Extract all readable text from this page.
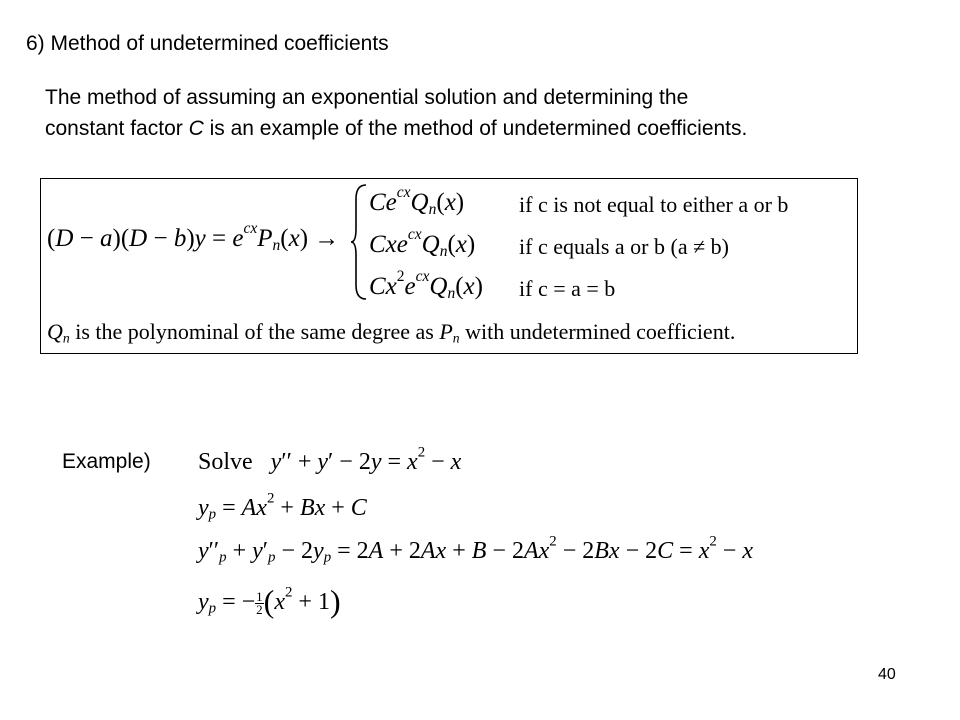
6) Method of undetermined coefficients

The method of assuming an exponential solution and determining the

constant factor C is an example of the method of undetermined coefficients.

$(D - a)(D - b)y = e^{cx}P_n(x)$ →
$Ce^{cx}Q_n(x)$ if c is not equal to either a or b
$Cxe^{cx}Q_n(x)$ if c equals a or b (a ≠ b)
$Cx^2e^{cx}Q_n(x)$ if c = a = b
$Q_n$ is the polynominal of the same degree as $P_n$ with undetermined coefficient.
Example) Solve $y'' + y' - 2y = x^2 - x$
$y_p = Ax^2 + Bx + C$
$y''_p + y'_p - 2y_p = 2A + 2Ax + B - 2Ax^2 - 2Bx - 2C = x^2 - x$
$y_p$ = − $\frac{1}{2} (x^2 + 1)$
40
